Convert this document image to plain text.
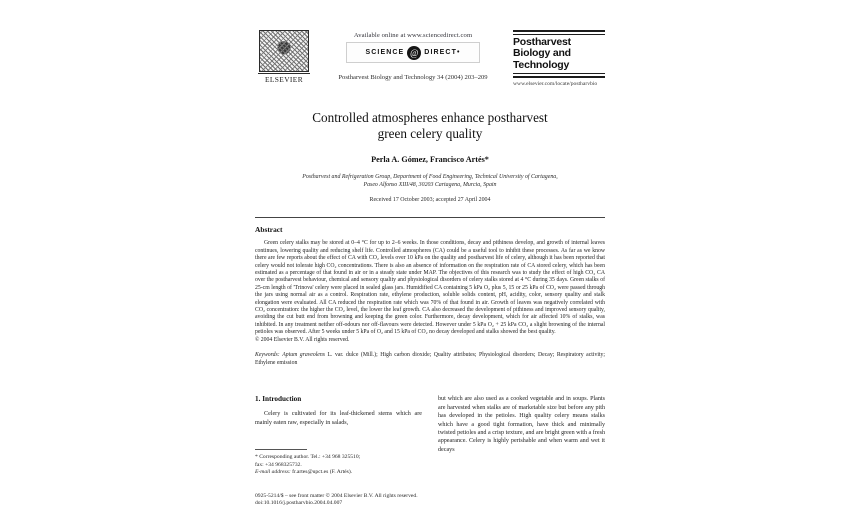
ELSEVIER
Available online at www.sciencedirect.com
SCIENCE @ DIRECT•
Postharvest Biology and Technology 34 (2004) 203–209
Postharvest
Biology and
Technology
www.elsevier.com/locate/postharvbio
Controlled atmospheres enhance postharvest
green celery quality
Perla A. Gómez, Francisco Artés*
Postharvest and Refrigeration Group, Department of Food Engineering, Technical University of Cartagena,
Paseo Alfonso XIII/48, 30203 Cartagena, Murcia, Spain
Received 17 October 2003; accepted 27 April 2004
Abstract
Green celery stalks may be stored at 0–4 °C for up to 2–6 weeks. In those conditions, decay and pithiness develop, and growth of internal leaves continues, lowering quality and reducing shelf life. Controlled atmospheres (CA) could be a useful tool to inhibit these processes. As far as we know there are few reports about the effect of CA with CO₂ levels over 10 kPa on the quality and postharvest life of celery, although it has been reported that celery would not tolerate high CO₂ concentrations. There is also an absence of information on the respiration rate of CA stored celery, which has been estimated as a percentage of that found in air or in a steady state under MAP. The objectives of this research was to study the effect of high CO₂ CA over the postharvest behaviour, chemical and sensory quality and physiological disorders of celery stalks stored at 4 °C during 35 days. Green stalks of 25-cm length of 'Trinova' celery were placed in sealed glass jars. Humidified CA containing 5 kPa O₂ plus 5, 15 or 25 kPa of CO₂ were passed through the jars using normal air as a control. Respiration rate, ethylene production, soluble solids content, pH, acidity, color, sensory quality and stalk elongation were evaluated. All CA reduced the respiration rate which was 70% of that found in air. Growth of leaves was negatively correlated with CO₂ concentration: the higher the CO₂ level, the lower the leaf growth. CA also decreased the development of pithiness and improved sensory quality, avoiding the cut butt end from browning and keeping the green color. Furthermore, decay development, which for air affected 10% of stalks, was inhibited. In any treatment neither off-odours nor off-flavours were detected. However under 5 kPa O₂ + 25 kPa CO₂ a slight browning of the internal petioles was observed. After 5 weeks under 5 kPa of O₂ and 15 kPa of CO₂ no decay developed and stalks showed the best quality.
© 2004 Elsevier B.V. All rights reserved.
Keywords: Apium graveolens L. var. dulce (Mill.); High carbon dioxide; Quality attributes; Physiological disorders; Decay; Respiratory activity; Ethylene emission
1. Introduction
Celery is cultivated for its leaf-thickened stems which are mainly eaten raw, especially in salads,
* Corresponding author. Tel.: +34 968 325510;
fax: +34 968325732.
E-mail address: fr.artes@upct.es (F. Artés).
but which are also used as a cooked vegetable and in soups. Plants are harvested when stalks are of marketable size but before any pith has developed in the petioles. High quality celery means stalks which have a good tight formation, have thick and minimally twisted petioles and a crisp texture, and are bright green with a fresh appearance. Celery is highly perishable and when warm and wet it decays
0925-5214/$ – see front matter © 2004 Elsevier B.V. All rights reserved.
doi:10.1016/j.postharvbio.2004.04.007
